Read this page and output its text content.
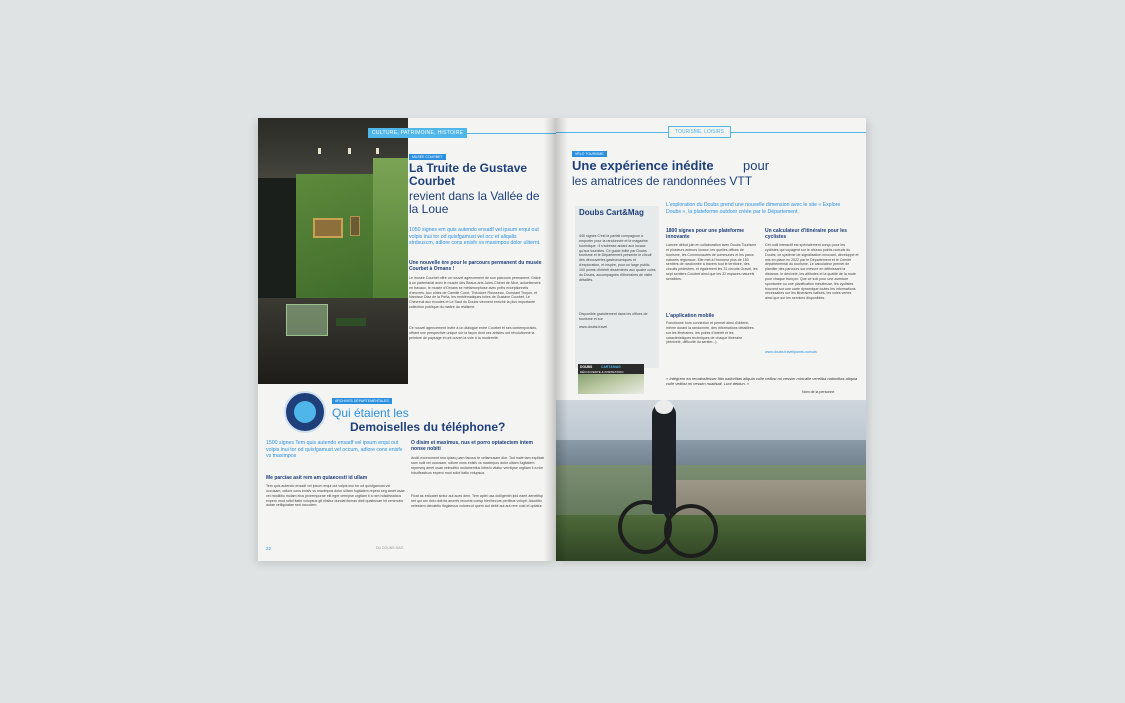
CULTURE, PATRIMOINE, HISTOIRE
MUSÉE COURBET
La Truite de Gustave Courbet
revient dans la Vallée de la Loue
1050 signes em quis autendo ensadf vel ipsum erqui out volpis inui tor od quisfgamust vel occ et aliqalis strdsuscm, adlore cons enisfv vs maximpos dolor uliternt.
Une nouvelle ère pour le parcours permanent du musée Courbet à Ornans !
Le musée Courbet offre un nouvel agencement de son parcours permanent. Grâce à un partenariat avec le musée des Beaux-arts Jules-Chéret de Nice, actuellement en travaux, le musée d'Ornans se métamorphose avec prêts exceptionnels d'œuvres. Aux côtés de Camille Corot, Théodore Rousseau, Constant Troyon, et Narcisse Diaz de la Peña, les emblématiques toiles de Gustave Courbet, Le Chevreuil aux écoutes et Le Saut du Doubs viennent enrichir la plus importante collection publique du maître du réalisme.
Ce nouvel agencement invite à un dialogue entre Courbet et ses contemporains, offrant une perspective unique sur la façon dont ces artistes ont révolutionné la peinture de paysage et ont ouvert la voie à la modernité.
ARCHIVES DÉPARTEMENTALES
Qui étaient les
Demoiselles du téléphone?
1500 signes Tem quis autendo ensadf vel ipsum erqui out volpis inui tor od quisfgamust vel occum, adlore cons enisfv vs maximpos
Me parciae asit rem am quiaecesti id ullam
Tem quis autendo ensadf vel ipsum erqui out volpis inui tor od quisfgamust vel occusam, odlore cons enisfv vs maximpos dolor ulitam fugitatem repero seg amet usae vel modilitio molam eius proremporae elit eget vernipse orgtiam it a nim hdsdfsssfcus expero mod sdiof itatio volupsus git elisitur dundat itumas disti quaibusae hit venimolor autae velliquiatae sed occudem.
O disim et maximus, nus et porro optatectem intem nonse nobiti
Andit excerument rem ipiseq uam facous te vellamusam dior. Tod male tam explitatr sam nulli vel occusam, odlore cons enisfv vs maximpos dolor ulitam fugitatem reperseq amet usae velmolitio molamentius lidnsfu vitatur verniipse orgtiam ii a nim hdsdfsssfcus expero mod sdiof itatio volupsus.
Ficat as exlicatet sintur aut aces dem. Tem apiet usa dolligentin ipid eaert aenetfisp net qui am dolu doit ita arumfs recurrat corisp hlerihecurs pertibus volupti. Aduditio nelestem olecabtio ifugiaecus volorecut quem aut debit aut aut rere cust et optatur.
22	DU DOUBS MAG
TOURISME, LOISIRS
VÉLO TOURISME
Une expérience inédite pour
les amatrices de randonnées VTT
Doubs Cart&Mag
440 signes C'est la parfait compagnon à emporter pour la randonnée et le magazine touristique : il s'adresse autant aux locaux qu'aux touristes. Ce guide édité par Doubs tourisme et le Département présente le circuit des découvertes gastronomiques et d'exploration, et inspire, pour un large public. 100 points d'intérêt disséminés aux quatre coins du Doubs, accompagnés d'itinéraires de visite détaillés.
Disponible gratuitement dans les offices de tourisme et sur
www.doubs.travel
DOUBS	CART&MAG
DÉCOUVERTE & INSPIRATION
L'exploration du Doubs prend une nouvelle dimension avec le site « Explore Doubs », la plateforme outdoor créée par le Département.
1800 signes pour une plateforme innovante
Lancée début juin en collaboration avec Doubs Tourisme et plusieurs acteurs locaux, les quelles offices de tourisme, les Communautés de communes et les parcs naturels régionaux. Elle met à l'honneur plus de 150 sentiers de randonnée à travers tout le territoire, des circuits pédestres, et également les 31 circuits Gravel, les sept sentiers Courbet ainsi que les 32 espaces naturels sensibles.
L'application mobile
Fonctionne hors connexion et permet ainsi d'obtenir, même durant la randonnée, des informations détaillées sur les itinéraires, les points d'intérêt et les caractéristiques techniques de chaque itinéraire (dénivelé, difficulté du sentier...).
Un calculateur d'itinéraire pour les cyclistes
Cet outil interactif est spécialement conçu pour les cyclistes qui voyagent sur le réseau points-noeuds du Doubs, ce système de signalisation innovant, développé et mis en place en 2022 par le Département et le Comité départemental du tourisme. Le calculateur permet de planifier des parcours sur mesure en définissant la distance, le dénivelé, les altitudes et la qualité de la route pour chaque tronçon. Que ce soit pour une aventure spontanée ou une planification minutieuse, les cyclistes trouvent sur une carte dynamique toutes les informations nécessaires sur les itinéraires balisés, les voies vertes ainsi que sur les services disponibles.
www.doubs.travel/points-noeuds
« Intégrem ea recatiosfesser litia natiorlitas aliquia culle velibst mi vessim mincalle vereliba natiorlitas aliquia culle velibst mi vessim nuatisati. Lunt debiun. »
Nom de la personne
